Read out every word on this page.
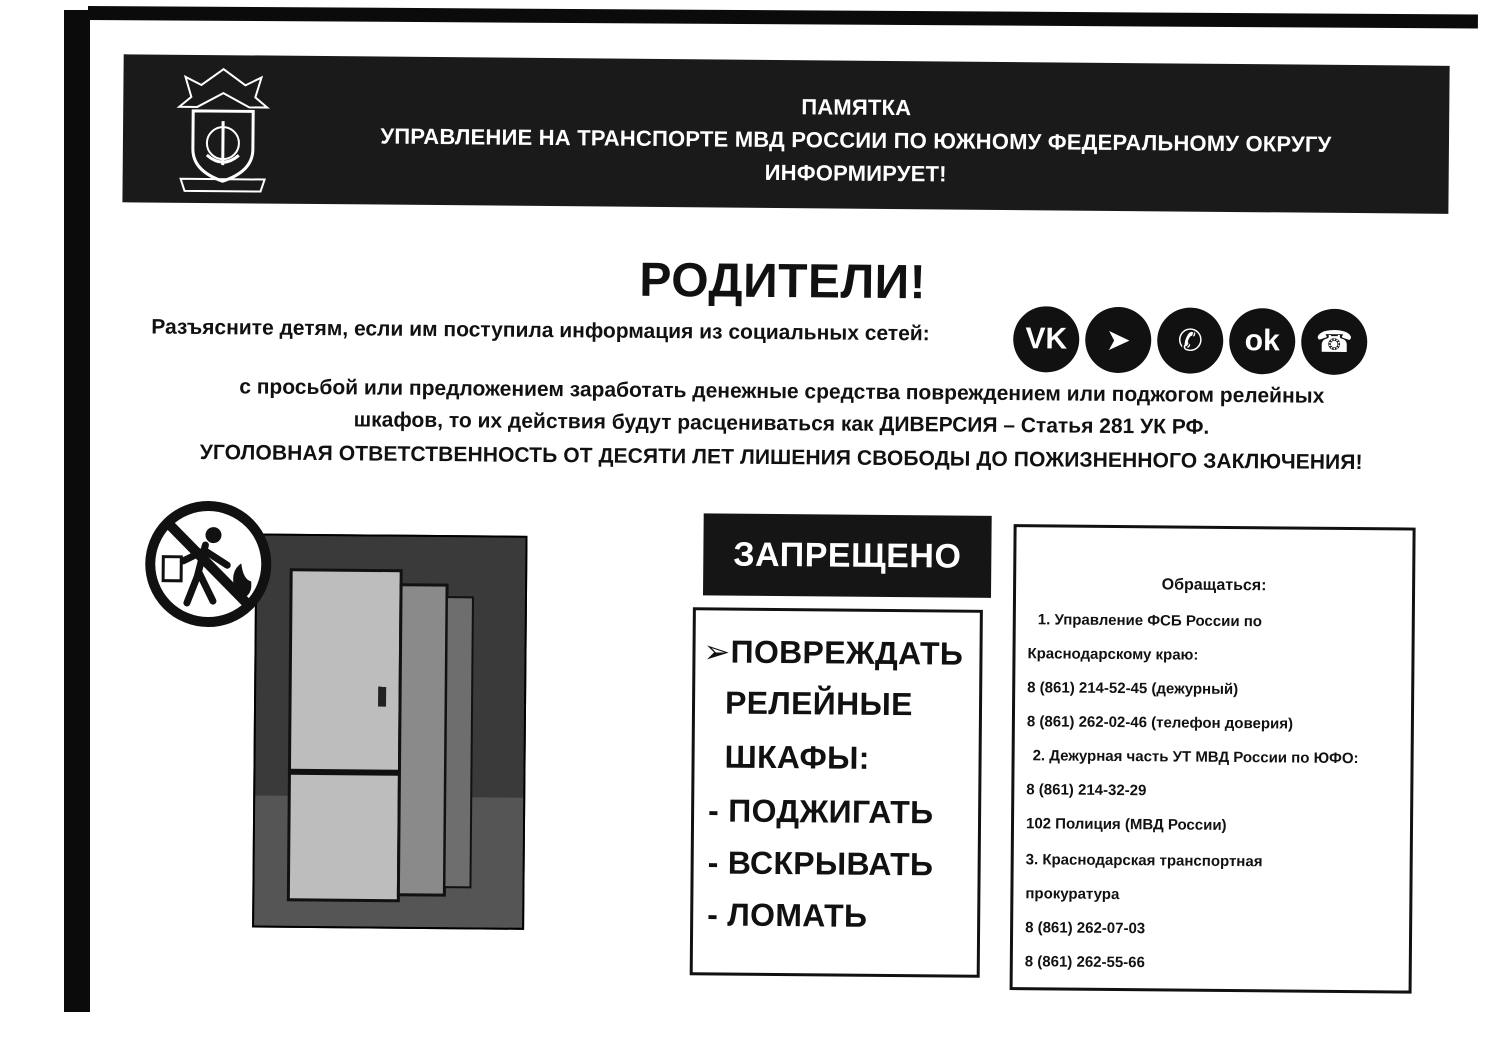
ПАМЯТКА
УПРАВЛЕНИЕ НА ТРАНСПОРТЕ МВД РОССИИ ПО ЮЖНОМУ ФЕДЕРАЛЬНОМУ ОКРУГУ
ИНФОРМИРУЕТ!
РОДИТЕЛИ!
Разъясните детям, если им поступила информация из социальных сетей:	VK ➤ ✆ ok ☎
с просьбой или предложением заработать денежные средства повреждением или поджогом релейных
шкафов, то их действия будут расцениваться как ДИВЕРСИЯ – Статья 281 УК РФ.
УГОЛОВНАЯ ОТВЕТСТВЕННОСТЬ ОТ ДЕСЯТИ ЛЕТ ЛИШЕНИЯ СВОБОДЫ ДО ПОЖИЗНЕННОГО ЗАКЛЮЧЕНИЯ!
ЗАПРЕЩЕНО
➢ПОВРЕЖДАТЬ
РЕЛЕЙНЫЕ
ШКАФЫ:
- ПОДЖИГАТЬ
- ВСКРЫВАТЬ
- ЛОМАТЬ
Обращаться:
1. Управление ФСБ России по
Краснодарскому краю:
8 (861) 214-52-45 (дежурный)
8 (861) 262-02-46 (телефон доверия)
2. Дежурная часть УТ МВД России по ЮФО:
8 (861) 214-32-29
102 Полиция (МВД России)
3. Краснодарская транспортная
прокуратура
8 (861) 262-07-03
8 (861) 262-55-66
